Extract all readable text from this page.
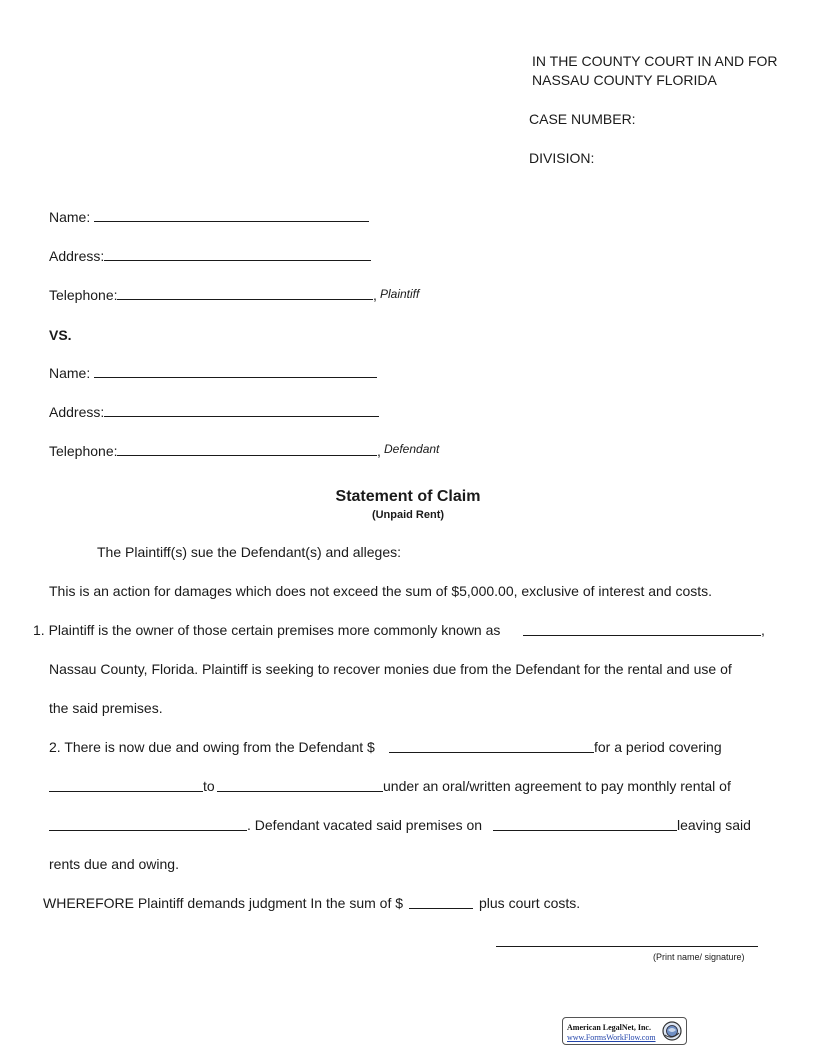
IN THE COUNTY COURT IN AND FOR
NASSAU COUNTY FLORIDA
CASE NUMBER:
DIVISION:
Name:
Address:
Telephone:	, Plaintiff
VS.
Name:
Address:
Telephone:	, Defendant
Statement of Claim
(Unpaid Rent)
The Plaintiff(s) sue the Defendant(s) and alleges:
This is an action for damages which does not exceed the sum of $5,000.00, exclusive of interest and costs.
1. Plaintiff is the owner of those certain premises more commonly known as	,
Nassau County, Florida. Plaintiff is seeking to recover monies due from the Defendant for the rental and use of
the said premises.
2. There is now due and owing from the Defendant $	for a period covering
to	under an oral/written agreement to pay monthly rental of
. Defendant vacated said premises on	leaving said
rents due and owing.
WHEREFORE Plaintiff demands judgment In the sum of $	plus court costs.
(Print name/ signature)
American LegalNet, Inc.
www.FormsWorkFlow.com
